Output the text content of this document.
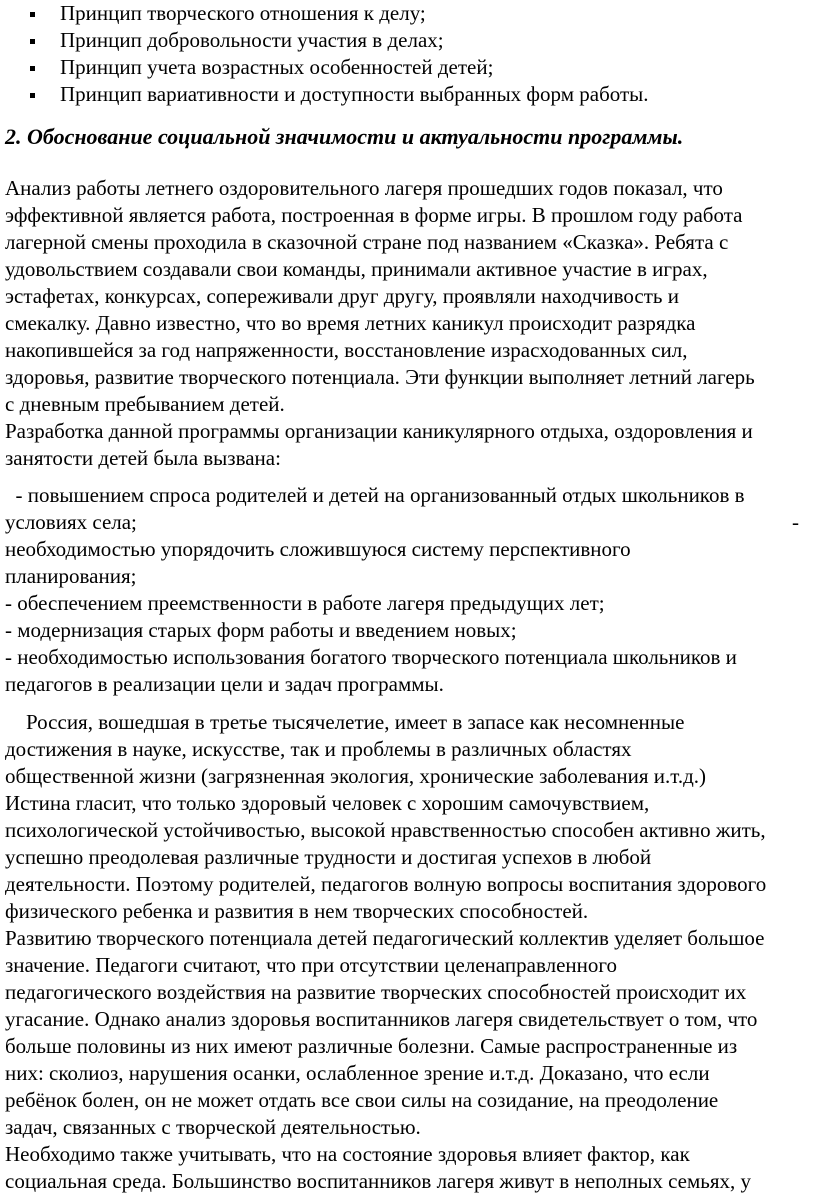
Принцип творческого отношения к делу;
Принцип добровольности участия в делах;
Принцип учета возрастных особенностей детей;
Принцип вариативности и доступности выбранных форм работы.
2. Обоснование социальной значимости и актуальности программы.
Анализ работы летнего оздоровительного лагеря прошедших годов показал, что
эффективной является работа, построенная в форме игры. В прошлом году работа
лагерной смены проходила в сказочной стране под названием «Сказка». Ребята с
удовольствием создавали свои команды, принимали активное участие в играх,
эстафетах, конкурсах, сопереживали друг другу, проявляли находчивость и
смекалку. Давно известно, что во время летних каникул происходит разрядка
накопившейся за год напряженности, восстановление израсходованных сил,
здоровья, развитие творческого потенциала. Эти функции выполняет летний лагерь
с дневным пребыванием детей.
Разработка данной программы организации каникулярного отдыха, оздоровления и
занятости детей была вызвана:
- повышением спроса родителей и детей на организованный отдых школьников в
условиях села;	-
необходимостью упорядочить сложившуюся систему перспективного
планирования;
- обеспечением преемственности в работе лагеря предыдущих лет;
- модернизация старых форм работы и введением новых;
- необходимостью использования богатого творческого потенциала школьников и
педагогов в реализации цели и задач программы.
Россия, вошедшая в третье тысячелетие, имеет в запасе как несомненные
достижения в науке, искусстве, так и проблемы в различных областях
общественной жизни (загрязненная экология, хронические заболевания и.т.д.)
Истина гласит, что только здоровый человек с хорошим самочувствием,
психологической устойчивостью, высокой нравственностью способен активно жить,
успешно преодолевая различные трудности и достигая успехов в любой
деятельности. Поэтому родителей, педагогов волную вопросы воспитания здорового
физического ребенка и развития в нем творческих способностей.
Развитию творческого потенциала детей педагогический коллектив уделяет большое
значение. Педагоги считают, что при отсутствии целенаправленного
педагогического воздействия на развитие творческих способностей происходит их
угасание. Однако анализ здоровья воспитанников лагеря свидетельствует о том, что
больше половины из них имеют различные болезни. Самые распространенные из
них: сколиоз, нарушения осанки, ослабленное зрение и.т.д. Доказано, что если
ребёнок болен, он не может отдать все свои силы на созидание, на преодоление
задач, связанных с творческой деятельностью.
Необходимо также учитывать, что на состояние здоровья влияет фактор, как
социальная среда. Большинство воспитанников лагеря живут в неполных семьях, у
